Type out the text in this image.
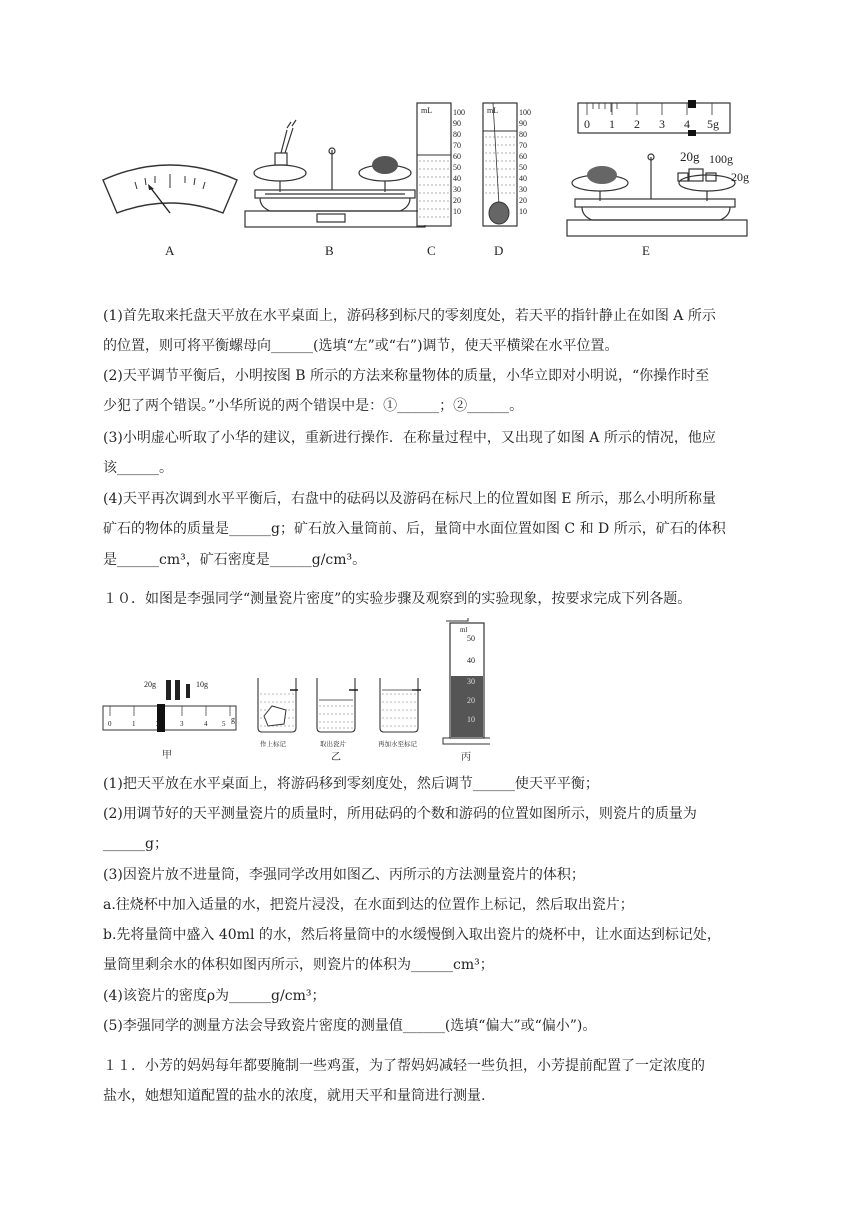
A	B
mL	100
90
80
70
60
50
40
30
20
10
C
mL	100
90
80
70
60
50
40
30
20
10
D
0 1 2 3 4 5g
20g 100g
20g
E
(1)首先取来托盘天平放在水平桌面上，游码移到标尺的零刻度处，若天平的指针静止在如图 A 所示
的位置，则可将平衡螺母向______(选填“左”或“右”)调节，使天平横梁在水平位置。
(2)天平调节平衡后，小明按图 B 所示的方法来称量物体的质量，小华立即对小明说，“你操作时至
少犯了两个错误。”小华所说的两个错误中是：①______；②______。
(3)小明虚心听取了小华的建议，重新进行操作．在称量过程中，又出现了如图 A 所示的情况，他应
该______。
(4)天平再次调到水平平衡后，右盘中的砝码以及游码在标尺上的位置如图 E 所示，那么小明所称量
矿石的物体的质量是______g；矿石放入量筒前、后，量筒中水面位置如图 C 和 D 所示，矿石的体积
是______cm³，矿石密度是______g/cm³。
１０．如图是李强同学“测量瓷片密度”的实验步骤及观察到的实验现象，按要求完成下列各题。
20g	10g
0	1	2	3	4 5 g
甲
作上标记	取出瓷片	再加水至标记
乙
ml
50
40
30
20
10
丙
(1)把天平放在水平桌面上，将游码移到零刻度处，然后调节______使天平平衡；
(2)用调节好的天平测量瓷片的质量时，所用砝码的个数和游码的位置如图所示，则瓷片的质量为
______g；
(3)因瓷片放不进量筒，李强同学改用如图乙、丙所示的方法测量瓷片的体积；
a.往烧杯中加入适量的水，把瓷片浸没，在水面到达的位置作上标记，然后取出瓷片；
b.先将量筒中盛入 40ml 的水，然后将量筒中的水缓慢倒入取出瓷片的烧杯中，让水面达到标记处，
量筒里剩余水的体积如图丙所示，则瓷片的体积为______cm³；
(4)该瓷片的密度ρ为______g/cm³；
(5)李强同学的测量方法会导致瓷片密度的测量值______(选填“偏大”或“偏小”)。
１１．小芳的妈妈每年都要腌制一些鸡蛋，为了帮妈妈减轻一些负担，小芳提前配置了一定浓度的
盐水，她想知道配置的盐水的浓度，就用天平和量筒进行测量.
